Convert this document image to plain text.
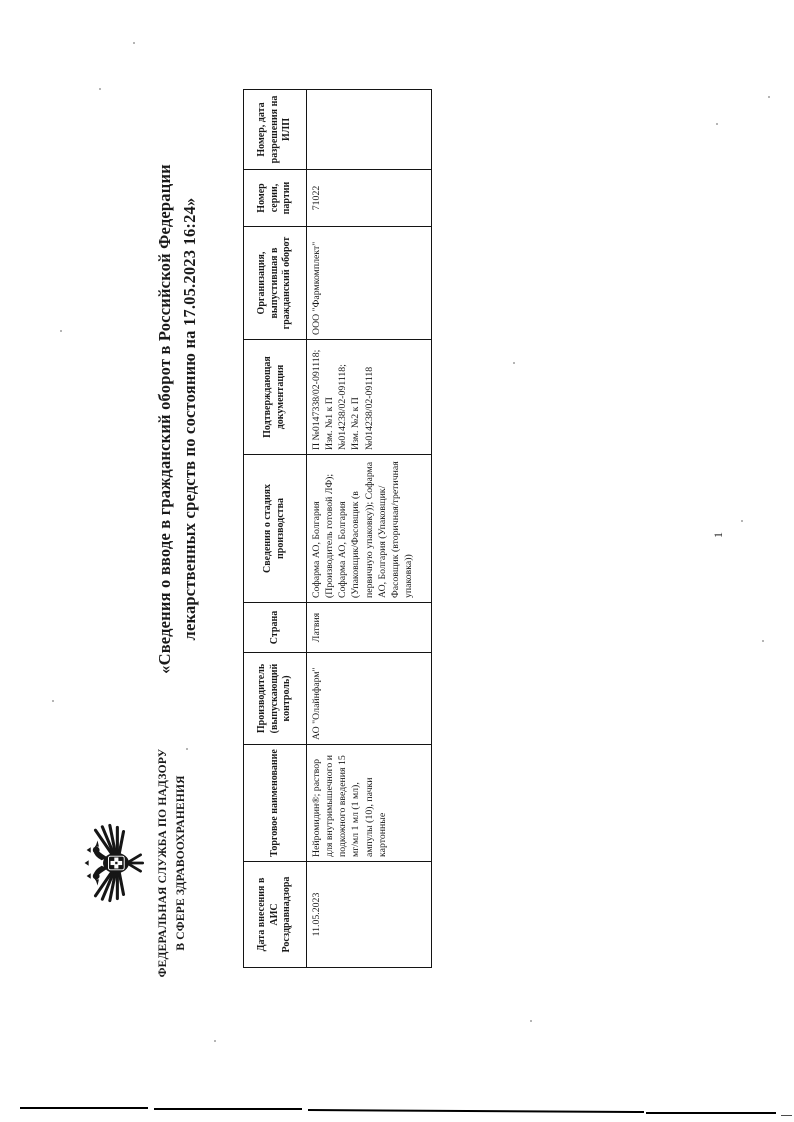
ФЕДЕРАЛЬНАЯ СЛУЖБА ПО НАДЗОРУ В СФЕРЕ ЗДРАВООХРАНЕНИЯ
«Сведения о вводе в гражданский оборот в Российской Федерации лекарственных средств по состоянию на 17.05.2023 16:24»
Дата внесения в АИС Росздравнадзора	Торговое наименование	Производитель (выпускающий контроль)	Страна	Сведения о стадиях производства	Подтверждающая документация	Организация, выпустившая в гражданский оборот	Номер серии, партии	Номер, дата разрешения на ИЛП
11.05.2023	Нейромидин®; раствор для внутримышечного и подкожного введения 15 мг/мл 1 мл (1 мл), ампулы (10), пачки картонные	АО "Олайнфарм"	Латвия	Софарма АО, Болгария (Производитель готовой ЛФ); Софарма АО, Болгария (Упаковщик/Фасовщик (в первичную упаковку)); Софарма АО, Болгария (Упаковщик/Фасовщик (вторичная/третичная упаковка))	П №0147338/02-091118; Изм. №1 к П №014238/02-091118; Изм. №2 к П №014238/02-091118	ООО "Фармкомплект"	71022	
1
